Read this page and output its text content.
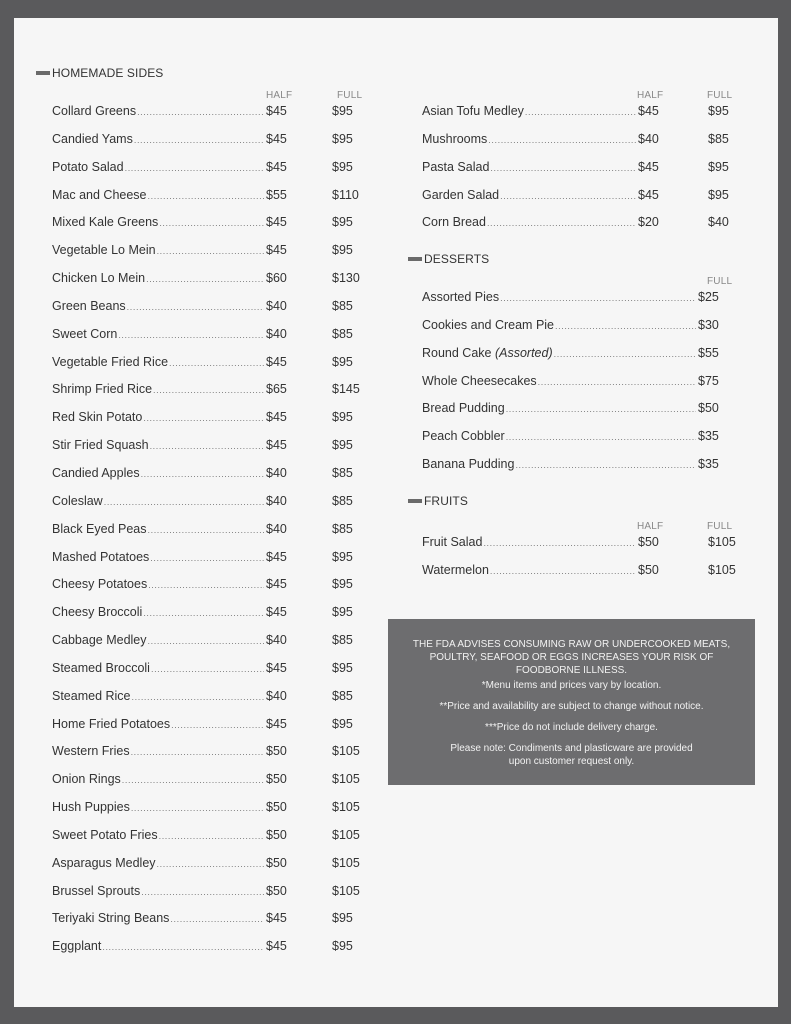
HOMEMADE SIDES
HALF	FULL
Collard Greens .....	$45	$95
Candied Yams .....	$45	$95
Potato Salad .....	$45	$95
Mac and Cheese .....	$55	$110
Mixed Kale Greens .....	$45	$95
Vegetable Lo Mein .....	$45	$95
Chicken Lo Mein .....	$60	$130
Green Beans .....	$40	$85
Sweet Corn .....	$40	$85
Vegetable Fried Rice .....	$45	$95
Shrimp Fried Rice .....	$65	$145
Red Skin Potato .....	$45	$95
Stir Fried Squash .....	$45	$95
Candied Apples .....	$40	$85
Coleslaw .....	$40	$85
Black Eyed Peas .....	$40	$85
Mashed Potatoes .....	$45	$95
Cheesy Potatoes .....	$45	$95
Cheesy Broccoli .....	$45	$95
Cabbage Medley .....	$40	$85
Steamed Broccoli .....	$45	$95
Steamed Rice .....	$40	$85
Home Fried Potatoes .....	$45	$95
Western Fries .....	$50	$105
Onion Rings .....	$50	$105
Hush Puppies .....	$50	$105
Sweet Potato Fries .....	$50	$105
Asparagus Medley .....	$50	$105
Brussel Sprouts .....	$50	$105
Teriyaki String Beans .....	$45	$95
Eggplant .....	$45	$95
HALF	FULL
Asian Tofu Medley .....	$45	$95
Mushrooms .....	$40	$85
Pasta Salad .....	$45	$95
Garden Salad .....	$45	$95
Corn Bread .....	$20	$40
DESSERTS
FULL
Assorted Pies .....	$25
Cookies and Cream Pie .....	$30
Round Cake (Assorted) .....	$55
Whole Cheesecakes .....	$75
Bread Pudding .....	$50
Peach Cobbler .....	$35
Banana Pudding .....	$35
FRUITS
HALF	FULL
Fruit Salad .....	$50	$105
Watermelon .....	$50	$105

THE FDA ADVISES CONSUMING RAW OR UNDERCOOKED MEATS, POULTRY, SEAFOOD OR EGGS INCREASES YOUR RISK OF FOODBORNE ILLNESS.

*Menu items and prices vary by location.

**Price and availability are subject to change without notice.

***Price do not include delivery charge.

Please note: Condiments and plasticware are provided
upon customer request only.
